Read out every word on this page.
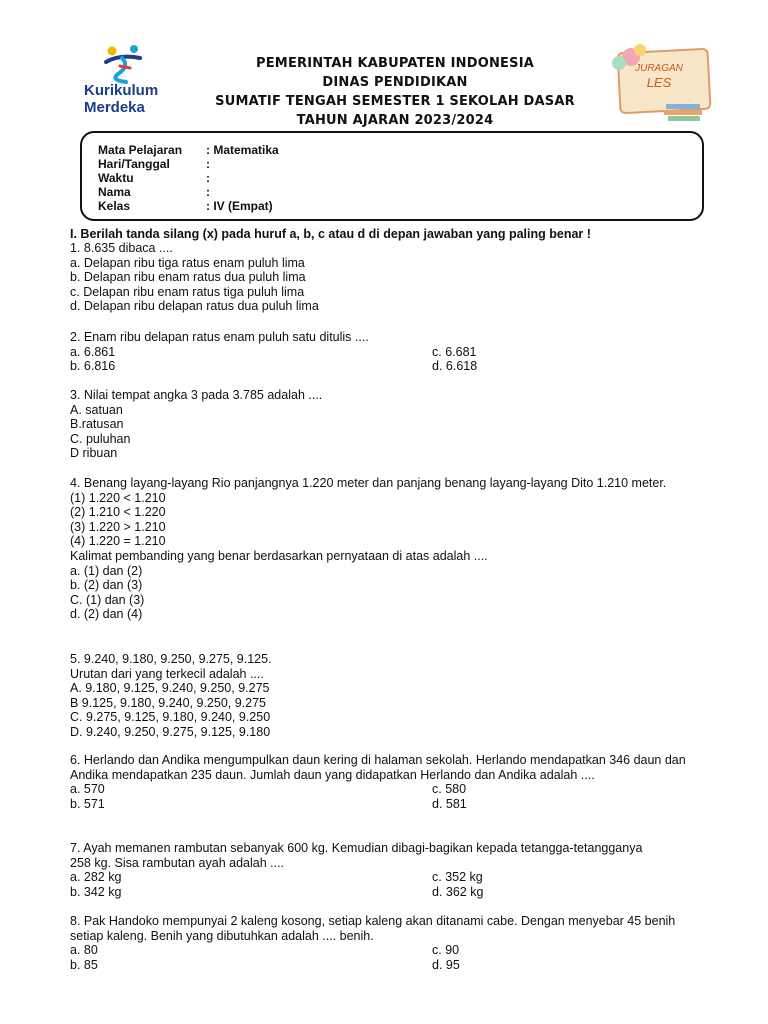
Kurikulum
Merdeka
PEMERINTAH KABUPATEN INDONESIA
DINAS PENDIDIKAN
SUMATIF TENGAH SEMESTER 1 SEKOLAH DASAR
TAHUN AJARAN 2023/2024
JURAGAN
LES
Mata Pelajaran : Matematika
Hari/Tanggal	:
Waktu	:
Nama	:
Kelas	: IV (Empat)
I. Berilah tanda silang (x) pada huruf a, b, c atau d di depan jawaban yang paling benar !
1. 8.635 dibaca ....
a. Delapan ribu tiga ratus enam puluh lima
b. Delapan ribu enam ratus dua puluh lima
c. Delapan ribu enam ratus tiga puluh lima
d. Delapan ribu delapan ratus dua puluh lima
2. Enam ribu delapan ratus enam puluh satu ditulis ....
a. 6.861	c. 6.681
b. 6.816	d. 6.618
3. Nilai tempat angka 3 pada 3.785 adalah ....
A. satuan
B.ratusan
C. puluhan
D ribuan
4. Benang layang-layang Rio panjangnya 1.220 meter dan panjang benang layang-layang Dito 1.210 meter.
(1) 1.220 < 1.210
(2) 1.210 < 1.220
(3) 1.220 > 1.210
(4) 1.220 = 1.210
Kalimat pembanding yang benar berdasarkan pernyataan di atas adalah ....
a. (1) dan (2)
b. (2) dan (3)
C. (1) dan (3)
d. (2) dan (4)
5. 9.240, 9.180, 9.250, 9.275, 9.125.
Urutan dari yang terkecil adalah ....
A. 9.180, 9.125, 9.240, 9.250, 9.275
B 9.125, 9.180, 9.240, 9.250, 9.275
C. 9.275, 9.125, 9.180, 9.240, 9.250
D. 9.240, 9.250, 9.275, 9.125, 9.180
6. Herlando dan Andika mengumpulkan daun kering di halaman sekolah. Herlando mendapatkan 346 daun dan Andika mendapatkan 235 daun. Jumlah daun yang didapatkan Herlando dan Andika adalah ....
a. 570	c. 580
b. 571	d. 581
7. Ayah memanen rambutan sebanyak 600 kg. Kemudian dibagi-bagikan kepada tetangga-tetangganya 258 kg. Sisa rambutan ayah adalah ....
a. 282 kg	c. 352 kg
b. 342 kg	d. 362 kg
8. Pak Handoko mempunyai 2 kaleng kosong, setiap kaleng akan ditanami cabe. Dengan menyebar 45 benih setiap kaleng. Benih yang dibutuhkan adalah .... benih.
a. 80	c. 90
b. 85	d. 95
